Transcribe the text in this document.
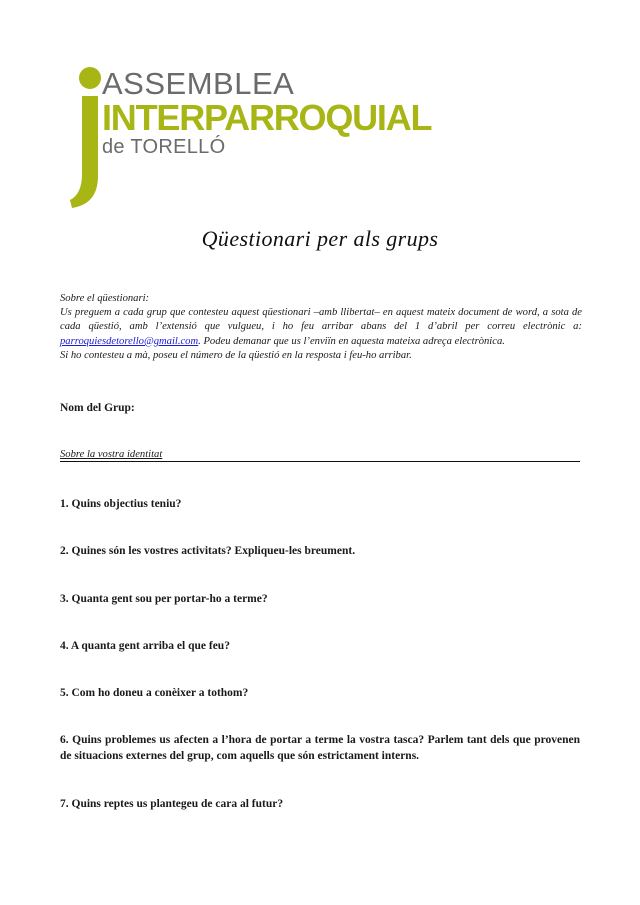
ASSEMBLEA
INTERPARROQUIAL
de TORELLÓ
Qüestionari per als grups

Sobre el qüestionari:

Us preguem a cada grup que contesteu aquest qüestionari –amb llibertat– en aquest mateix document de word, a sota de cada qüestió, amb l’extensió que vulgueu, i ho feu arribar abans del 1 d’abril per correu electrònic a: parroquiesdetorello@gmail.com. Podeu demanar que us l’enviïn en aquesta mateixa adreça electrònica.

Si ho contesteu a mà, poseu el número de la qüestió en la resposta i feu-ho arribar.

Nom del Grup:
Sobre la vostra identitat

1. Quins objectius teniu?

2. Quines són les vostres activitats? Expliqueu-les breument.

3. Quanta gent sou per portar-ho a terme?

4. A quanta gent arriba el que feu?

5. Com ho doneu a conèixer a tothom?

6. Quins problemes us afecten a l’hora de portar a terme la vostra tasca? Parlem tant dels que provenen de situacions externes del grup, com aquells que són estrictament interns.

7. Quins reptes us plantegeu de cara al futur?
